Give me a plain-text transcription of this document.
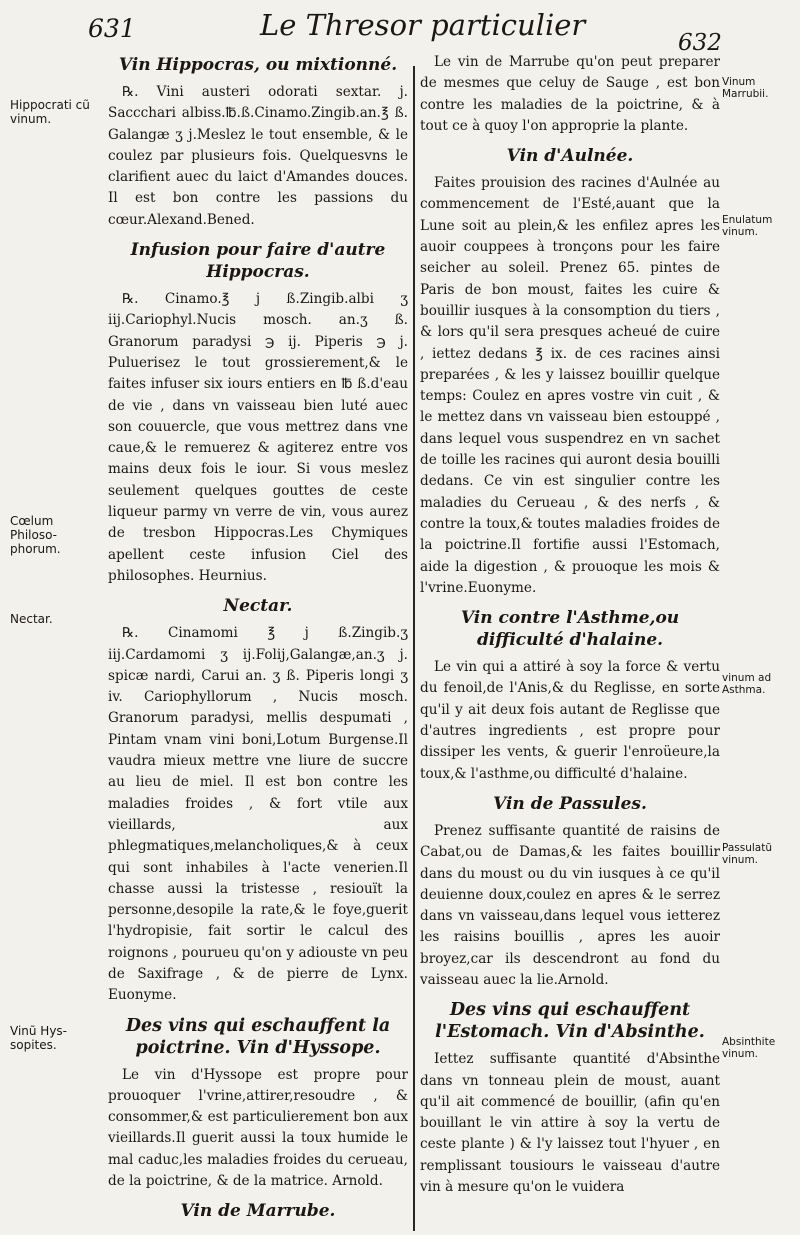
631	Le Thresor particulier
632
Vin Hippocras, ou mixtionné.

℞. Vini austeri odorati sextar. j. Saccchari albiss.℔.ß.Cinamo.Zingib.an.℥ ß. Galangæ ʒ j.Meslez le tout ensemble, & le coulez par plusieurs fois. Quelquesvns le clarifient auec du laict d'Amandes douces. Il est bon contre les passions du cœur.Alexand.Bened.

Infusion pour faire d'autre Hippocras.

℞. Cinamo.℥ j ß.Zingib.albi ʒ iij.Cariophyl.Nucis mosch. an.ʒ ß. Granorum paradysi ℈ ij. Piperis ℈ j. Puluerisez le tout grossierement,& le faites infuser six iours entiers en ℔ ß.d'eau de vie , dans vn vaisseau bien luté auec son couuercle, que vous mettrez dans vne caue,& le remuerez & agiterez entre vos mains deux fois le iour. Si vous meslez seulement quelques gouttes de ceste liqueur parmy vn verre de vin, vous aurez de tresbon Hippocras.Les Chymiques apellent ceste infusion Ciel des philosophes. Heurnius.

Nectar.

℞. Cinamomi ℥ j ß.Zingib.ʒ iij.Cardamomi ʒ ij.Folij,Galangæ,an.ʒ j. spicæ nardi, Carui an. ʒ ß. Piperis longi ʒ iv. Cariophyllorum , Nucis mosch. Granorum paradysi, mellis despumati , Pintam vnam vini boni,Lotum Burgense.Il vaudra mieux mettre vne liure de succre au lieu de miel. Il est bon contre les maladies froides , & fort vtile aux vieillards, aux phlegmatiques,melancholiques,& à ceux qui sont inhabiles à l'acte venerien.Il chasse aussi la tristesse , resiouït la personne,desopile la rate,& le foye,guerit l'hydropisie, fait sortir le calcul des roignons , pourueu qu'on y adiouste vn peu de Saxifrage , & de pierre de Lynx. Euonyme.

Des vins qui eschauffent la poictrine. Vin d'Hyssope.

Le vin d'Hyssope est propre pour prouoquer l'vrine,attirer,resoudre , & consommer,& est particulierement bon aux vieillards.Il guerit aussi la toux humide le mal caduc,les maladies froides du cerueau, de la poictrine, & de la matrice. Arnold.

Vin de Marrube.
Hippocrati cũ vinum.
Cœlum Philoso-phorum.
Nectar.
Vinũ Hys-sopites.

Le vin de Marrube qu'on peut preparer de mesmes que celuy de Sauge , est bon contre les maladies de la poictrine, & à tout ce à quoy l'on approprie la plante.

Vin d'Aulnée.

Faites prouision des racines d'Aulnée au commencement de l'Esté,auant que la Lune soit au plein,& les enfilez apres les auoir couppees à tronçons pour les faire seicher au soleil. Prenez 65. pintes de Paris de bon moust, faites les cuire & bouillir iusques à la consomption du tiers , & lors qu'il sera presques acheué de cuire , iettez dedans ℥ ix. de ces racines ainsi preparées , & les y laissez bouillir quelque temps: Coulez en apres vostre vin cuit , & le mettez dans vn vaisseau bien estouppé , dans lequel vous suspendrez en vn sachet de toille les racines qui auront desia bouilli dedans. Ce vin est singulier contre les maladies du Cerueau , & des nerfs , & contre la toux,& toutes maladies froides de la poictrine.Il fortifie aussi l'Estomach, aide la digestion , & prouoque les mois & l'vrine.Euonyme.

Vin contre l'Asthme,ou difficulté d'halaine.

Le vin qui a attiré à soy la force & vertu du fenoil,de l'Anis,& du Reglisse, en sorte qu'il y ait deux fois autant de Reglisse que d'autres ingredients , est propre pour dissiper les vents, & guerir l'enroüeure,la toux,& l'asthme,ou difficulté d'halaine.

Vin de Passules.

Prenez suffisante quantité de raisins de Cabat,ou de Damas,& les faites bouillir dans du moust ou du vin iusques à ce qu'il deuienne doux,coulez en apres & le serrez dans vn vaisseau,dans lequel vous ietterez les raisins bouillis , apres les auoir broyez,car ils descendront au fond du vaisseau auec la lie.Arnold.

Des vins qui eschauffent l'Estomach. Vin d'Absinthe.

Iettez suffisante quantité d'Absinthe dans vn tonneau plein de moust, auant qu'il ait commencé de bouillir, (afin qu'en bouillant le vin attire à soy la vertu de ceste plante ) & l'y laissez tout l'hyuer , en remplissant tousiours le vaisseau d'autre vin à mesure qu'on le vuidera

Vinum Marrubii.
Enulatum vinum.
vinum ad Asthma.
Passulatũ vinum.
Absinthite vinum.
